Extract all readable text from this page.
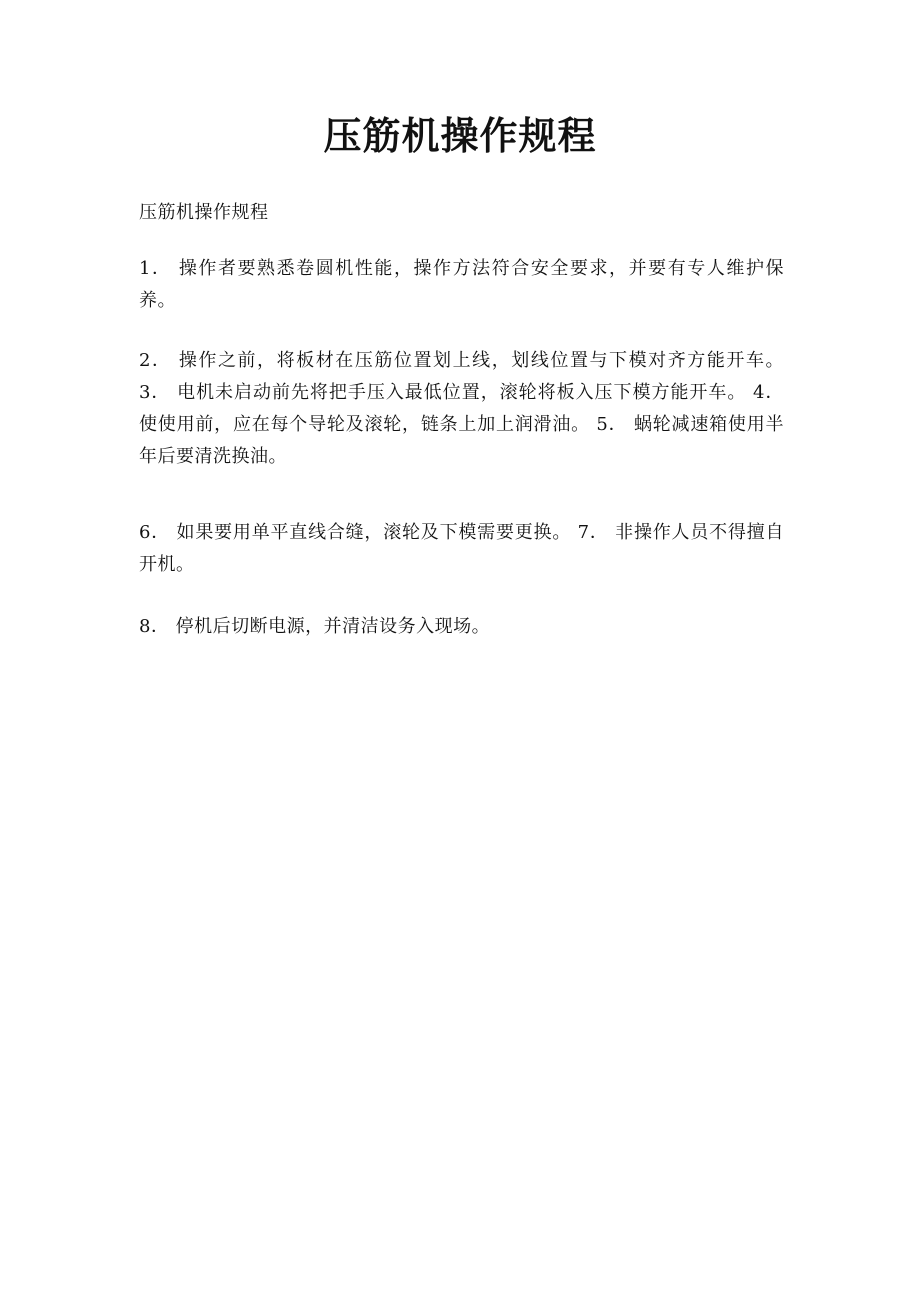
压筋机操作规程

压筋机操作规程

1． 操作者要熟悉卷圆机性能，操作方法符合安全要求，并要有专人维护保养。

2． 操作之前，将板材在压筋位置划上线，划线位置与下模对齐方能开车。 3． 电机未启动前先将把手压入最低位置，滚轮将板入压下模方能开车。 4． 使使用前，应在每个导轮及滚轮，链条上加上润滑油。 5． 蜗轮减速箱使用半年后要清洗换油。

6． 如果要用单平直线合缝，滚轮及下模需要更换。 7． 非操作人员不得擅自开机。

8． 停机后切断电源，并清洁设务入现场。
